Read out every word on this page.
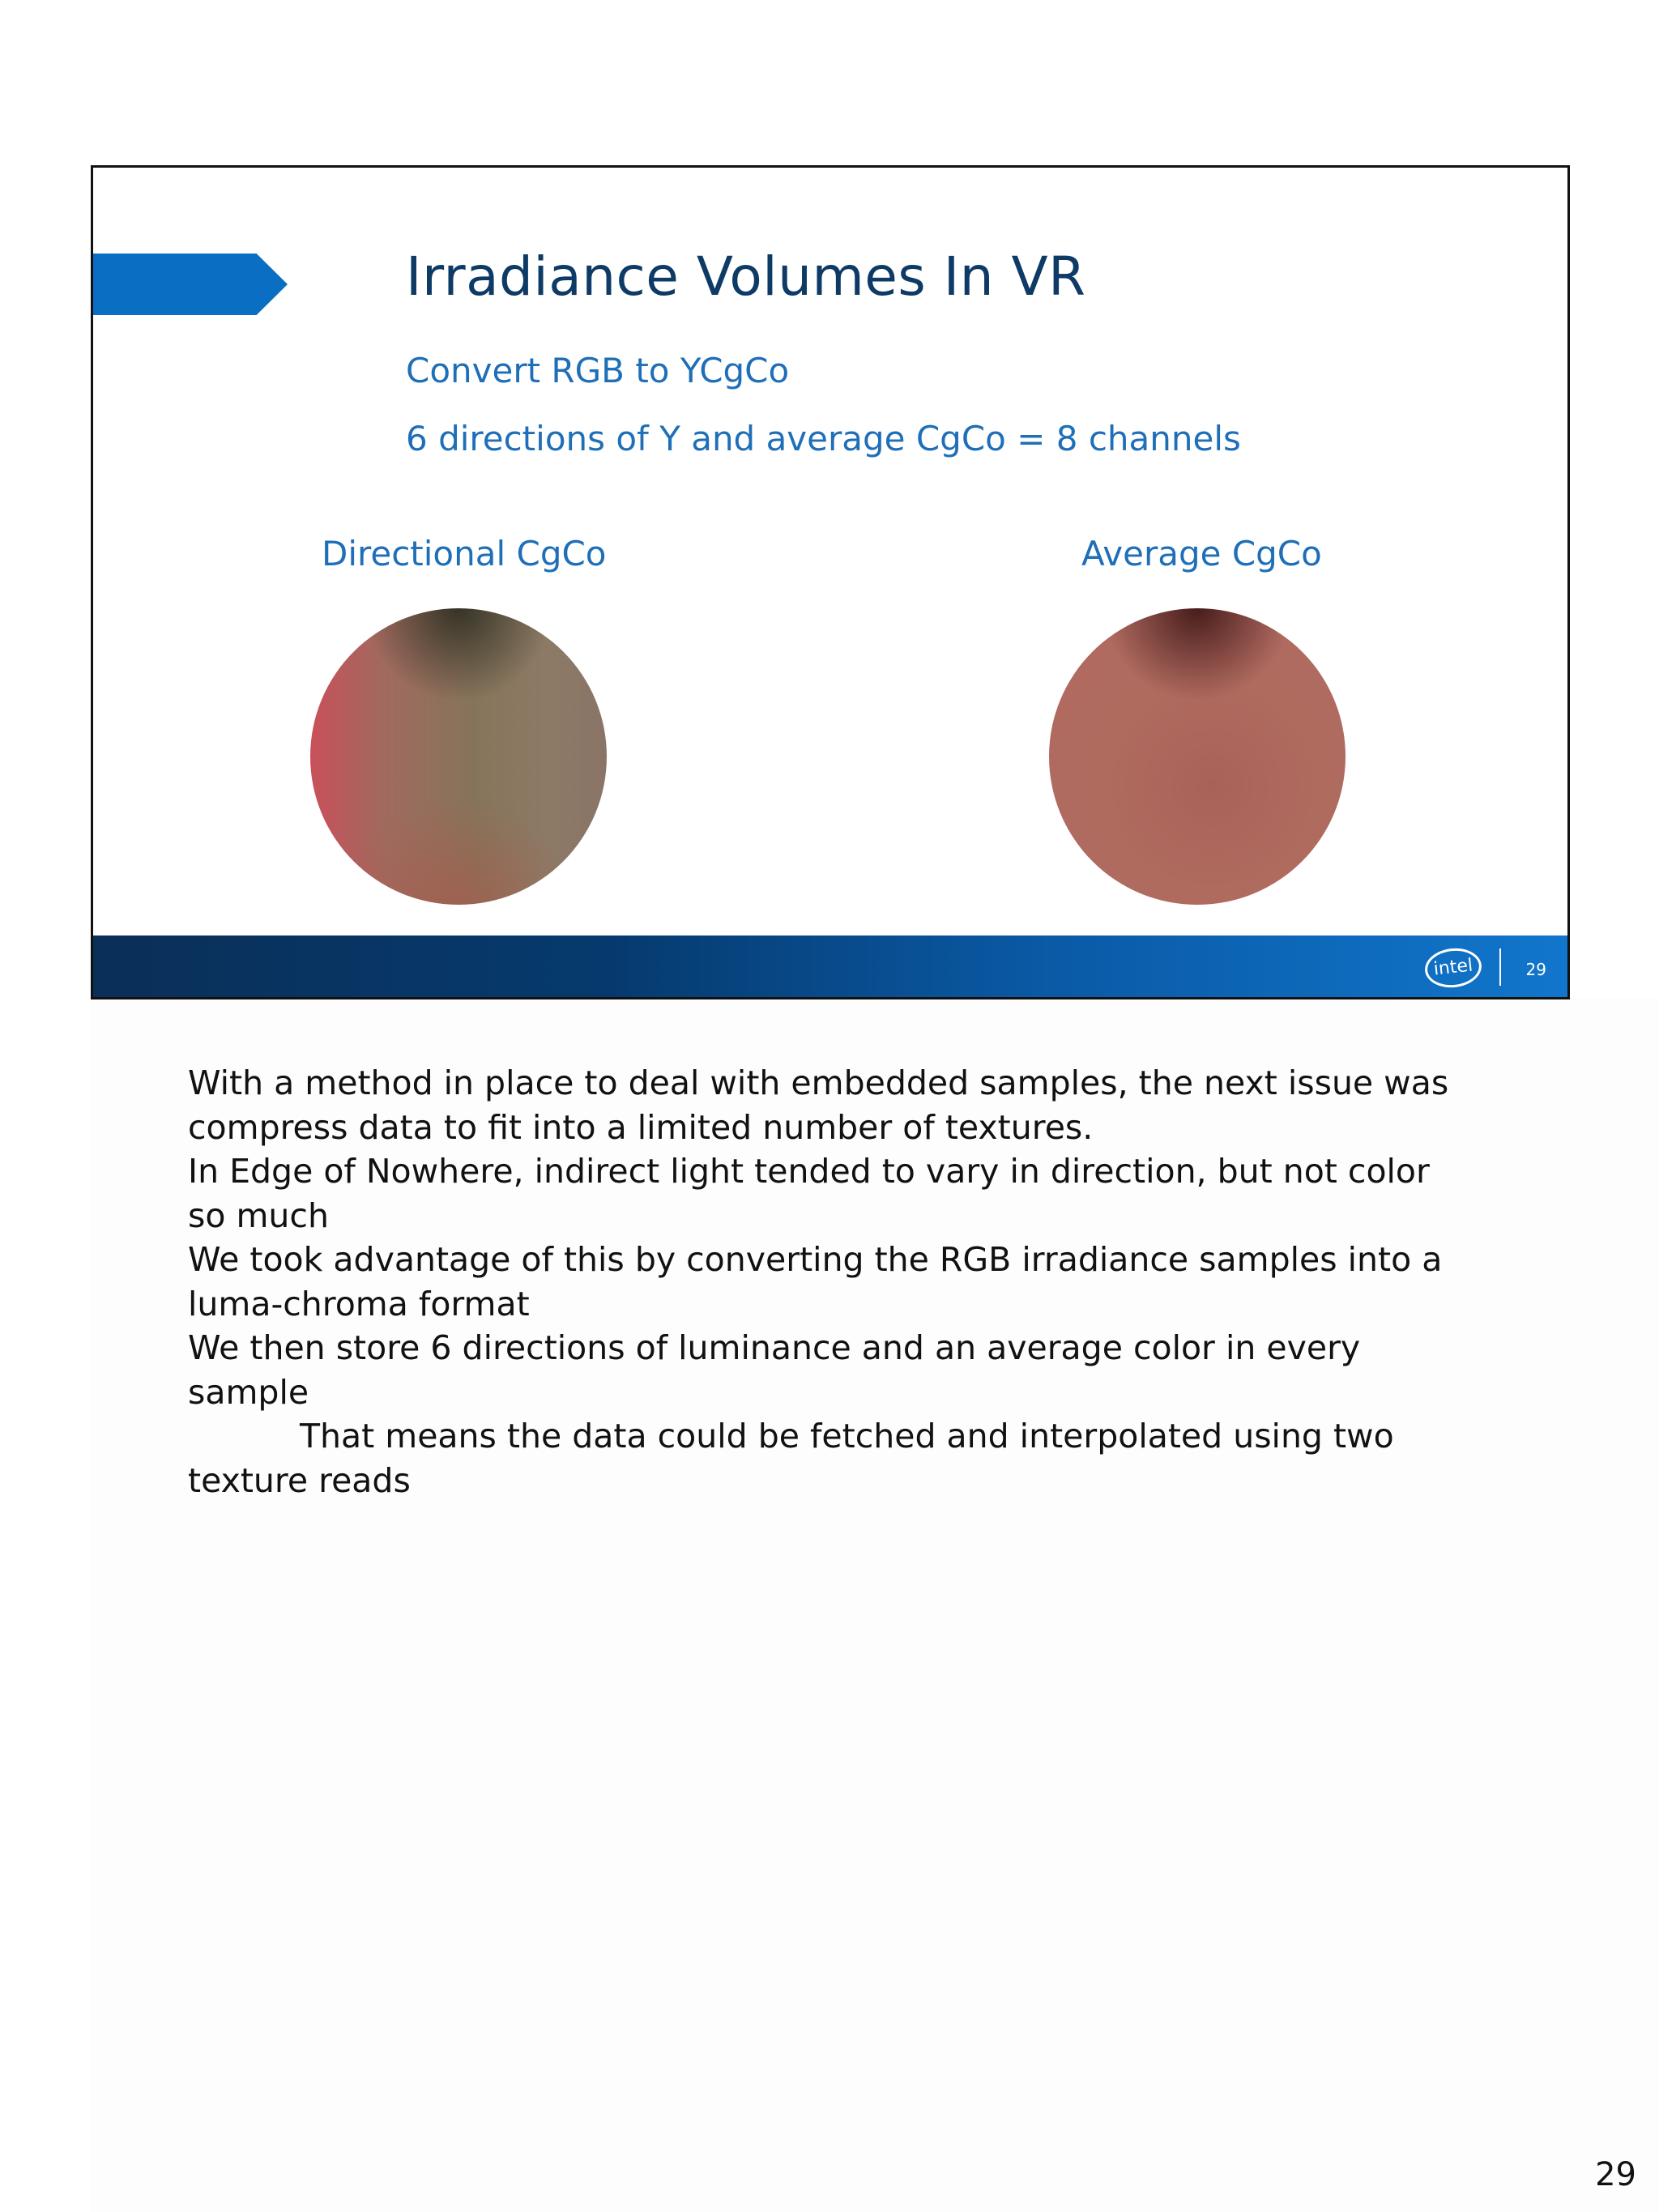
Irradiance Volumes In VR
Convert RGB to YCgCo
6 directions of Y and average CgCo = 8 channels
Directional CgCo	Average CgCo
intel	29
With a method in place to deal with embedded samples, the next issue was
compress data to fit into a limited number of textures.
In Edge of Nowhere, indirect light tended to vary in direction, but not color
so much
We took advantage of this by converting the RGB irradiance samples into a
luma-chroma format
We then store 6 directions of luminance and an average color in every
sample
That means the data could be fetched and interpolated using two
texture reads
29
